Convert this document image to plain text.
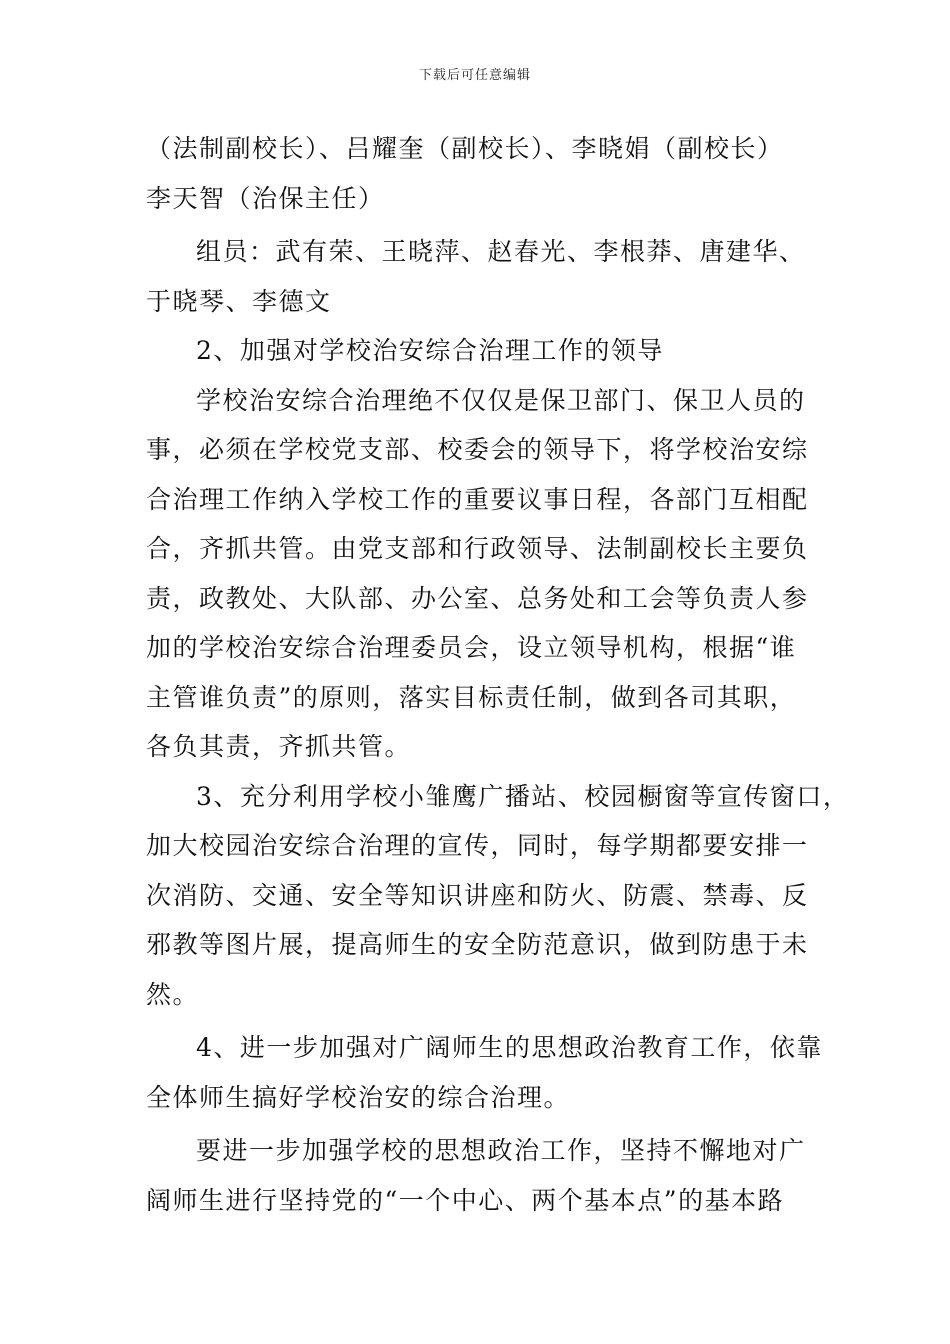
下载后可任意编辑
（法制副校长）、吕耀奎（副校长）、李晓娟（副校长）
李天智（治保主任）
组员：武有荣、王晓萍、赵春光、李根莽、唐建华、
于晓琴、李德文
2、加强对学校治安综合治理工作的领导
学校治安综合治理绝不仅仅是保卫部门、保卫人员的
事，必须在学校党支部、校委会的领导下，将学校治安综
合治理工作纳入学校工作的重要议事日程，各部门互相配
合，齐抓共管。由党支部和行政领导、法制副校长主要负
责，政教处、大队部、办公室、总务处和工会等负责人参
加的学校治安综合治理委员会，设立领导机构，根据“谁
主管谁负责”的原则，落实目标责任制，做到各司其职，
各负其责，齐抓共管。
3、充分利用学校小雏鹰广播站、校园橱窗等宣传窗口，
加大校园治安综合治理的宣传，同时，每学期都要安排一
次消防、交通、安全等知识讲座和防火、防震、禁毒、反
邪教等图片展，提高师生的安全防范意识，做到防患于未
然。
4、进一步加强对广阔师生的思想政治教育工作，依靠
全体师生搞好学校治安的综合治理。
要进一步加强学校的思想政治工作，坚持不懈地对广
阔师生进行坚持党的“一个中心、两个基本点”的基本路
